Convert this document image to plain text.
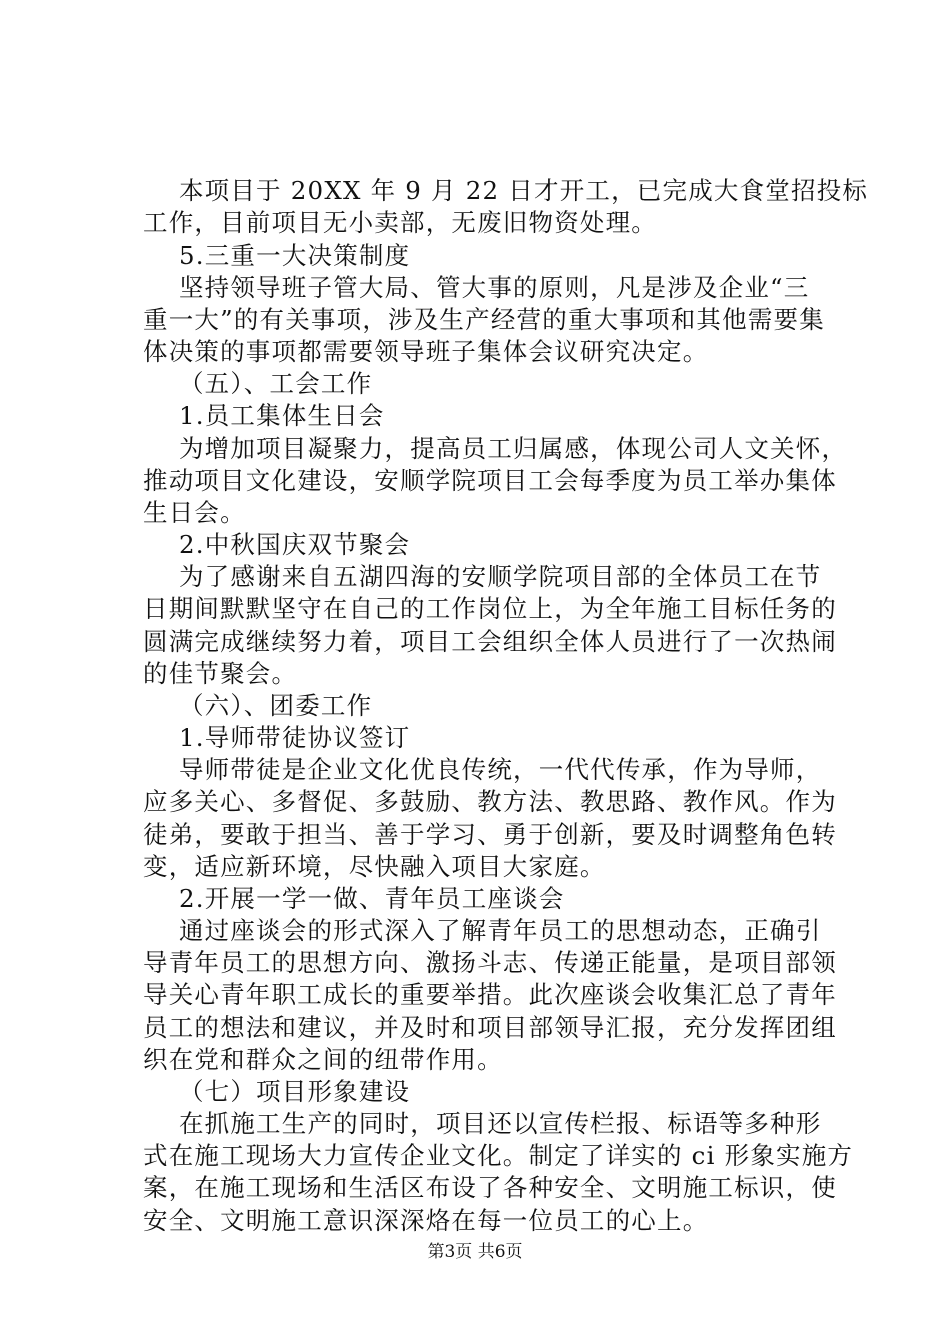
本项目于 20XX 年 9 月 22 日才开工，已完成大食堂招投标
工作，目前项目无小卖部，无废旧物资处理。
5.三重一大决策制度
坚持领导班子管大局、管大事的原则，凡是涉及企业“三
重一大”的有关事项，涉及生产经营的重大事项和其他需要集
体决策的事项都需要领导班子集体会议研究决定。
（五）、工会工作
1.员工集体生日会
为增加项目凝聚力，提高员工归属感，体现公司人文关怀，
推动项目文化建设，安顺学院项目工会每季度为员工举办集体
生日会。
2.中秋国庆双节聚会
为了感谢来自五湖四海的安顺学院项目部的全体员工在节
日期间默默坚守在自己的工作岗位上，为全年施工目标任务的
圆满完成继续努力着，项目工会组织全体人员进行了一次热闹
的佳节聚会。
（六）、团委工作
1.导师带徒协议签订
导师带徒是企业文化优良传统，一代代传承，作为导师，
应多关心、多督促、多鼓励、教方法、教思路、教作风。作为
徒弟，要敢于担当、善于学习、勇于创新，要及时调整角色转
变，适应新环境，尽快融入项目大家庭。
2.开展一学一做、青年员工座谈会
通过座谈会的形式深入了解青年员工的思想动态，正确引
导青年员工的思想方向、激扬斗志、传递正能量，是项目部领
导关心青年职工成长的重要举措。此次座谈会收集汇总了青年
员工的想法和建议，并及时和项目部领导汇报，充分发挥团组
织在党和群众之间的纽带作用。
（七）项目形象建设
在抓施工生产的同时，项目还以宣传栏报、标语等多种形
式在施工现场大力宣传企业文化。制定了详实的 ci 形象实施方
案，在施工现场和生活区布设了各种安全、文明施工标识，使
安全、文明施工意识深深烙在每一位员工的心上。
第3页 共6页
